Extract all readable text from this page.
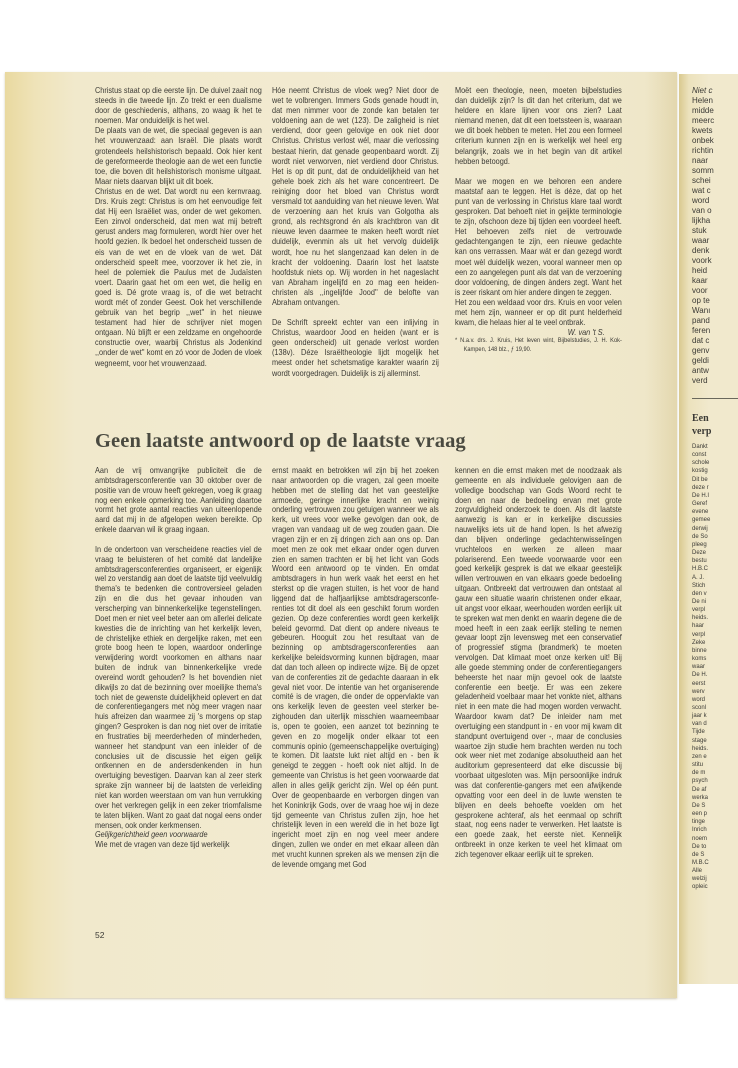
Christus staat op die eerste lijn. De duivel zaait nog steeds in die tweede lijn. Zo trekt er een dualisme door de geschiedenis, althans, zo waag ik het te noemen. Mar onduidelijk is het wel.

De plaats van de wet, die speciaal gegeven is aan het vrouwenzaad: aan Israël. Die plaats wordt grotendeels heilshistorisch bepaald. Ook hier kent de gereformeerde theologie aan de wet een functie toe, die boven dit heilshistorisch monisme uitgaat. Maar niets daarvan blijkt uit dit boek.

Christus en de wet. Dat wordt nu een kernvraag. Drs. Kruis zegt: Christus is om het eenvoudige feit dat Hij een Israëliet was, onder de wet gekomen. Een zinvol onderscheid, dat men wat mij betreft gerust anders mag formuleren, wordt hier over het hoofd gezien. Ik bedoel het onderscheid tussen de eis van de wet en de vloek van de wet. Dát onderscheid speelt mee, voorzover ik het zie, in heel de polemiek die Paulus met de Judaïsten voert. Daarin gaat het om een wet, die heilig en goed is. Dé grote vraag is, of die wet betracht wordt mét of zonder Geest. Ook het verschillende gebruik van het begrip ,,wet'' in het nieuwe testament had hier de schrijver niet mogen ontgaan. Nù blijft er een zeldzame en ongehoorde constructie over, waarbij Christus als Jodenkind ,,onder de wet'' komt en zó voor de Joden de vloek wegneemt, voor het vrouwenzaad.

Hóe neemt Christus de vloek weg? Niet door de wet te volbrengen. Immers Gods genade houdt in, dat men nimmer voor de zonde kan betalen ter voldoening aan de wet (123). De zaligheid is niet verdiend, door geen gelovige en ook niet door Christus. Christus verlost wél, maar die verlossing bestaat hierin, dat genade geopenbaard wordt. Zij wordt niet verworven, niet verdiend door Christus. Het is op dit punt, dat de onduidelijkheid van het gehele boek zich als het ware concentreert. De reiniging door het bloed van Christus wordt versmald tot aanduiding van het nieuwe leven. Wat de verzoening aan het kruis van Golgotha als grond, als rechtsgrond én als krachtbron van dit nieuwe leven daarmee te maken heeft wordt niet duidelijk, evenmin als uit het vervolg duidelijk wordt, hoe nu het slangenzaad kan delen in de kracht der voldoening. Daarin lost het laatste hoofdstuk niets op. Wij worden in het nageslacht van Abraham ingelijfd en zo mag een heiden-christen als ,,ingelijfde Jood'' de belofte van Abraham ontvangen.

De Schrift spreekt echter van een inlijving in Christus, waardoor Jood en heiden (want er is geen onderscheid) uit genade verlost worden (138v). Déze Israëltheologie lijdt mogelijk het meest onder het schetsmatige karakter waarin zij wordt voorgedragen. Duidelijk is zij allerminst.

Moët een theologie, neen, moeten bijbelstudies dan duidelijk zijn? Is dit dan het criterium, dat we heldere en klare lijnen voor ons zien? Laat niemand menen, dat dit een toetssteen is, waaraan we dit boek hebben te meten. Het zou een formeel criterium kunnen zijn en is werkelijk wel heel erg belangrijk, zoals we in het begin van dit artikel hebben betoogd.

Maar we mogen en we behoren een andere maatstaf aan te leggen. Het is déze, dat op het punt van de verlossing in Christus klare taal wordt gesproken. Dat behoeft niet in geijkte terminologie te zijn, ofschoon deze bij tijden een voordeel heeft. Het behoeven zelfs niet de vertrouwde gedachtengangen te zijn, een nieuwe gedachte kan ons verrassen. Maar wát er dan gezegd wordt moet wèl duidelijk wezen, vooral wanneer men op een zo aangelegen punt als dat van de verzoening door voldoening, de dingen ànders zegt. Want het is zeer riskant om hier andere dingen te zeggen.

Het zou een weldaad voor drs. Kruis en voor velen met hem zijn, wanneer er op dit punt helderheid kwam, die helaas hier al te veel ontbrak.

W. van 't S.

* N.a.v. drs. J. Kruis, Het leven wint, Bijbelstudies, J. H. Kok-Kampen, 148 blz., ƒ 19,90.

Geen laatste antwoord op de laatste vraag

Aan de vrij omvangrijke publiciteit die de ambtsdragersconferentie van 30 oktober over de positie van de vrouw heeft gekregen, voeg ik graag nog een enkele opmerking toe. Aanleiding daartoe vormt het grote aantal reacties van uiteenlopende aard dat mij in de afgelopen weken bereikte. Op enkele daarvan wil ik graag ingaan.

In de ondertoon van verscheidene reacties viel de vraag te beluisteren of het comité dat landelijke ambtsdragersconferenties organiseert, er eigenlijk wel zo verstandig aan doet de laatste tijd veelvuldig thema's te bedenken die controversieel geladen zijn en die dus het gevaar inhouden van verscherping van binnenkerkelijke tegenstellingen. Doet men er niet veel beter aan om allerlei delicate kwesties die de inrichting van het kerkelijk leven, de christelijke ethiek en dergelijke raken, met een grote boog heen te lopen, waardoor onderlinge verwijdering wordt voorkomen en althans naar buiten de indruk van binnenkerkelijke vrede overeind wordt gehouden? Is het bovendien niet dikwijls zo dat de bezinning over moeilijke thema's toch niet de gewenste duidelijkheid oplevert en dat de conferentiegangers met nòg meer vragen naar huis afreizen dan waarmee zij 's morgens op stap gingen? Gesproken is dan nog niet over de irritatie en frustraties bij meerderheden of minderheden, wanneer het standpunt van een inleider of de conclusies uit de discussie het eigen gelijk ontkennen en de andersdenkenden in hun overtuiging bevestigen. Daarvan kan al zeer sterk sprake zijn wanneer bij de laatsten de verleiding niet kan worden weerstaan om van hun verrukking over het verkregen gelijk in een zeker triomfalisme te laten blijken. Want zo gaat dat nogal eens onder mensen, ook onder kerkmensen.

Gelijkgerichtheid geen voorwaarde

Wie met de vragen van deze tijd werkelijk

ernst maakt en betrokken wil zijn bij het zoeken naar antwoorden op die vragen, zal geen moeite hebben met de stelling dat het van geestelijke armoede, geringe innerlijke kracht en weinig onderling vertrouwen zou getuigen wanneer we als kerk, uit vrees voor welke gevolgen dan ook, de vragen van vandaag uit de weg zouden gaan. Die vragen zijn er en zij dringen zich aan ons op. Dan moet men ze ook met elkaar onder ogen durven zien en samen trachten er bij het licht van Gods Woord een antwoord op te vinden. En omdat ambtsdragers in hun werk vaak het eerst en het sterkst op die vragen stuiten, is het voor de hand liggend dat de halfjaarlijkse ambtsdragersconferenties tot dit doel als een geschikt forum worden gezien. Op deze conferenties wordt geen kerkelijk beleid gevormd. Dat dient op andere niveaus te gebeuren. Hooguit zou het resultaat van de bezinning op ambtsdragersconferenties aan kerkelijke beleidsvorming kunnen bijdragen, maar dat dan toch alleen op indirecte wijze. Bij de opzet van de conferenties zit de gedachte daaraan in elk geval niet voor. De intentie van het organiserende comité is de vragen, die onder de oppervlakte van ons kerkelijk leven de geesten veel sterker bezighouden dan uiterlijk misschien waarneembaar is, open te gooien, een aanzet tot bezinning te geven en zo mogelijk onder elkaar tot een communis opinio (gemeenschappelijke overtuiging) te komen. Dit laatste lukt niet altijd en - ben ik geneigd te zeggen - hoeft ook niet altijd. In de gemeente van Christus is het geen voorwaarde dat allen in alles gelijk gericht zijn. Wel op één punt. Over de geopenbaarde en verborgen dingen van het Koninkrijk Gods, over de vraag hoe wij in deze tijd gemeente van Christus zullen zijn, hoe het christelijk leven in een wereld die in het boze ligt ingericht moet zijn en nog veel meer andere dingen, zullen we onder en met elkaar alleen dàn met vrucht kunnen spreken als we mensen zijn die de levende omgang met God

kennen en die ernst maken met de noodzaak als gemeente en als individuele gelovigen aan de volledige boodschap van Gods Woord recht te doen en naar de bedoeling ervan met grote zorgvuldigheid onderzoek te doen. Als dit laatste aanwezig is kan er in kerkelijke discussies nauwelijks iets uit de hand lopen. Is het afwezig dan blijven onderlinge gedachtenwisselingen vruchteloos en werken ze alleen maar polariserend. Een tweede voorwaarde voor een goed kerkelijk gesprek is dat we elkaar geestelijk willen vertrouwen en van elkaars goede bedoeling uitgaan. Ontbreekt dat vertrouwen dan ontstaat al gauw een situatie waarin christenen onder elkaar, uit angst voor elkaar, weerhouden worden eerlijk uit te spreken wat men denkt en waarin degene die de moed heeft in een zaak eerlijk stelling te nemen gevaar loopt zijn levensweg met een conservatief of progressief stigma (brandmerk) te moeten vervolgen. Dat klimaat moet onze kerken uit! Bij alle goede stemming onder de conferentiegangers beheerste het naar mijn gevoel ook de laatste conferentie een beetje. Er was een zekere geladenheid voelbaar maar het vonkte niet, althans niet in een mate die had mogen worden verwacht. Waardoor kwam dat? De inleider nam met overtuiging een standpunt in - en voor mij kwam dit standpunt overtuigend over -, maar de conclusies waartoe zijn studie hem brachten werden nu toch ook weer niet met zodanige absoluutheid aan het auditorium gepresenteerd dat elke discussie bij voorbaat uitgesloten was. Mijn persoonlijke indruk was dat conferentie-gangers met een afwijkende opvatting voor een deel in de luwte wensten te blijven en deels behoefte voelden om het gesprokene achteraf, als het eenmaal op schrift staat, nog eens nader te verwerken. Het laatste is een goede zaak, het eerste niet. Kennelijk ontbreekt in onze kerken te veel het klimaat om zich tegenover elkaar eerlijk uit te spreken.

52
Niet c
Helen
midde
meerc
kwets
onbek
richtin
naar
somm
schei
wat c
word
van o
lijkha
stuk
waar
denk
voork
heid
kaar
voor
op te
Wanı
pand
feren
dat c
genv
geldi
antw
verd
Een
verp
Dankt
const
schole
kostig
Dit be
deze r
De H.I
Geref
evene
gemee
derwij
de So
pleeg
Deze
bestu
H.B.C
A. J.
Stich
den v
De ni
verpl
heids.
haar
verpl
Zeke
binne
koms
waar
De H.
eerst
werv
word
sconl
jaar k
van d
Tijde
stage
heids.
zen e
stitu
de m
psych
De af
werka
De S
een p
tinge
Inrich
noem
De to
de S
M.B.C
Alle
welzij
opleic
